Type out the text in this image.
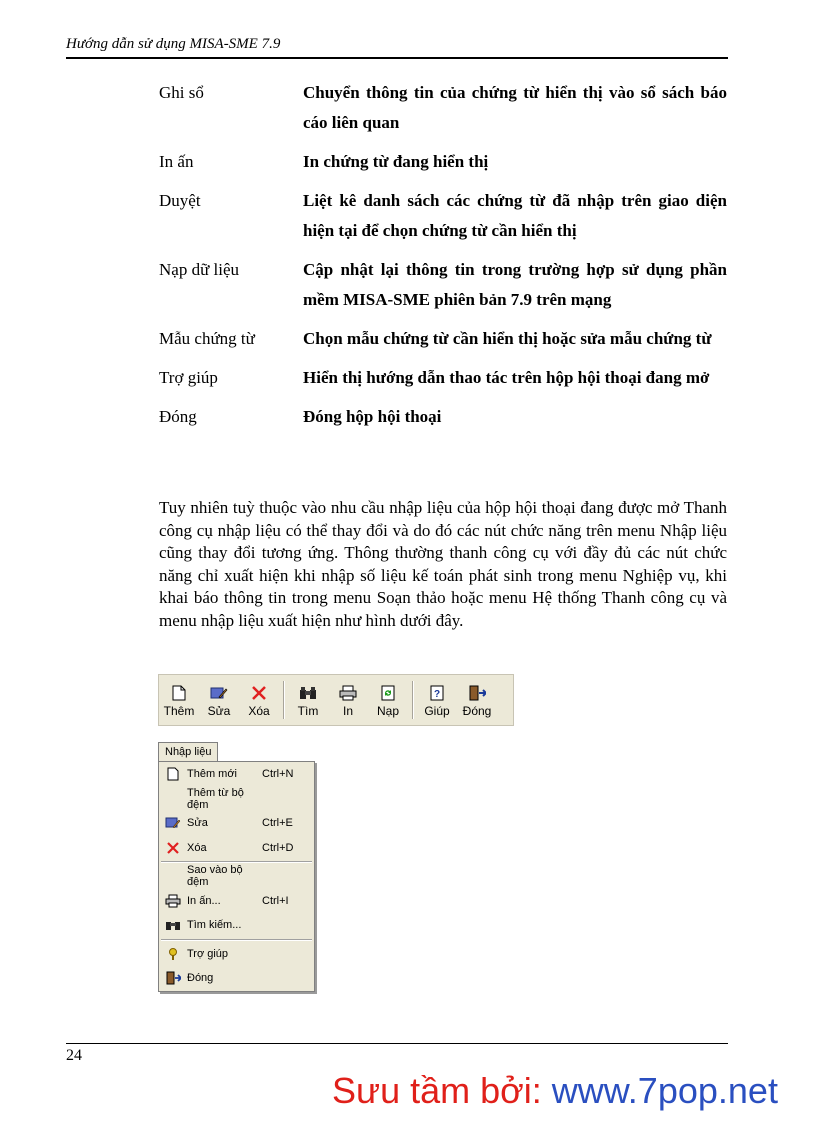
Hướng dẫn sử dụng MISA-SME 7.9
Ghi sổ	Chuyển thông tin của chứng từ hiển thị vào sổ sách báo cáo liên quan
In ấn	In chứng từ đang hiển thị
Duyệt	Liệt kê danh sách các chứng từ đã nhập trên giao diện hiện tại để chọn chứng từ cần hiển thị
Nạp dữ liệu	Cập nhật lại thông tin trong trường hợp sử dụng phần mềm MISA-SME phiên bản 7.9 trên mạng
Mẫu chứng từ	Chọn mẫu chứng từ cần hiển thị hoặc sửa mẫu chứng từ
Trợ giúp	Hiển thị hướng dẫn thao tác trên hộp hội thoại đang mở
Đóng	Đóng hộp hội thoại
Tuy nhiên tuỳ thuộc vào nhu cầu nhập liệu của hộp hội thoại đang được mở Thanh công cụ nhập liệu có thể thay đổi và do đó các nút chức năng trên menu Nhập liệu cũng thay đổi tương ứng. Thông thường thanh công cụ với đầy đủ các nút chức năng chỉ xuất hiện khi nhập số liệu kế toán phát sinh trong menu Nghiệp vụ, khi khai báo thông tin trong menu Soạn thảo hoặc menu Hệ thống Thanh công cụ và menu nhập liệu xuất hiện như hình dưới đây.
Thêm Sửa Xóa Tìm In Nạp
?
Giúp Đóng
Nhập liệu
Thêm mới	Ctrl+N
Thêm từ bộ đệm
Sửa	Ctrl+E
Xóa	Ctrl+D
Sao vào bộ đệm
In ấn...	Ctrl+I
Tìm kiếm...
Trợ giúp
Đóng
24
Sưu tầm bởi: www.7pop.net
